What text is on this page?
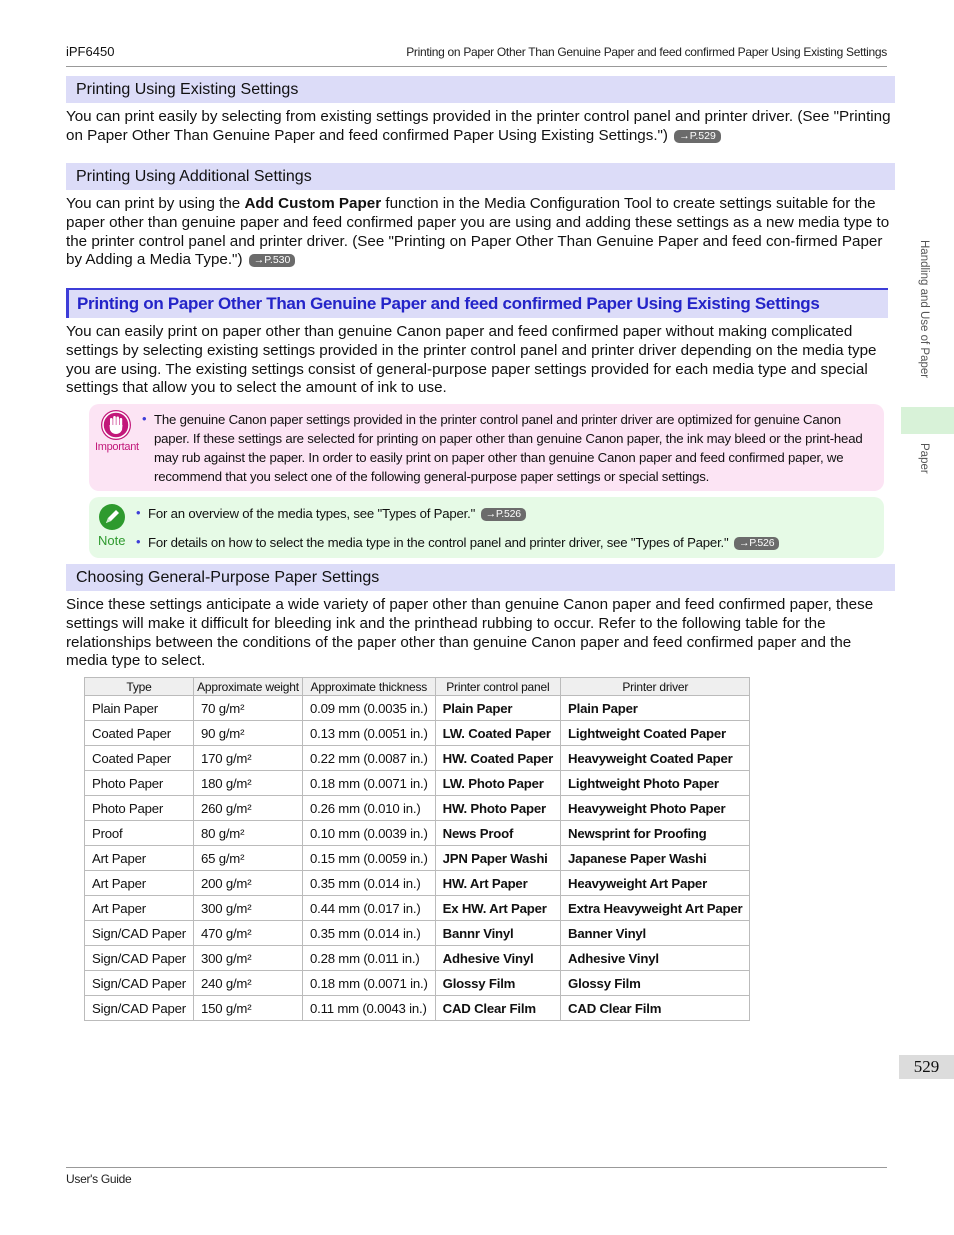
iPF6450	Printing on Paper Other Than Genuine Paper and feed confirmed Paper Using Existing Settings
Printing Using Existing Settings
You can print easily by selecting from existing settings provided in the printer control panel and printer driver. (See "Printing on Paper Other Than Genuine Paper and feed confirmed Paper Using Existing Settings.") →P.529
Printing Using Additional Settings
You can print by using the Add Custom Paper function in the Media Configuration Tool to create settings suitable for the paper other than genuine paper and feed confirmed paper you are using and adding these settings as a new media type to the printer control panel and printer driver. (See "Printing on Paper Other Than Genuine Paper and feed con-firmed Paper by Adding a Media Type.") →P.530
Printing on Paper Other Than Genuine Paper and feed confirmed Paper Using Existing Settings
You can easily print on paper other than genuine Canon paper and feed confirmed paper without making complicated settings by selecting existing settings provided in the printer control panel and printer driver depending on the media type you are using. The existing settings consist of general-purpose paper settings provided for each media type and special settings that allow you to select the amount of ink to use.
Important
• The genuine Canon paper settings provided in the printer control panel and printer driver are optimized for genuine Canon paper. If these settings are selected for printing on paper other than genuine Canon paper, the ink may bleed or the print-head may rub against the paper. In order to easily print on paper other than genuine Canon paper and feed confirmed paper, we recommend that you select one of the following general-purpose paper settings or special settings.
Note
• For an overview of the media types, see "Types of Paper." →P.526
• For details on how to select the media type in the control panel and printer driver, see "Types of Paper." →P.526
Choosing General-Purpose Paper Settings
Since these settings anticipate a wide variety of paper other than genuine Canon paper and feed confirmed paper, these settings will make it difficult for bleeding ink and the printhead rubbing to occur. Refer to the following table for the relationships between the conditions of the paper other than genuine Canon paper and feed confirmed paper and the media type to select.
Type	Approximate weight	Approximate thickness	Printer control panel	Printer driver
Plain Paper	70 g/m²	0.09 mm (0.0035 in.)	Plain Paper	Plain Paper
Coated Paper	90 g/m²	0.13 mm (0.0051 in.)	LW. Coated Paper	Lightweight Coated Paper
Coated Paper	170 g/m²	0.22 mm (0.0087 in.)	HW. Coated Paper	Heavyweight Coated Paper
Photo Paper	180 g/m²	0.18 mm (0.0071 in.)	LW. Photo Paper	Lightweight Photo Paper
Photo Paper	260 g/m²	0.26 mm (0.010 in.)	HW. Photo Paper	Heavyweight Photo Paper
Proof	80 g/m²	0.10 mm (0.0039 in.)	News Proof	Newsprint for Proofing
Art Paper	65 g/m²	0.15 mm (0.0059 in.)	JPN Paper Washi	Japanese Paper Washi
Art Paper	200 g/m²	0.35 mm (0.014 in.)	HW. Art Paper	Heavyweight Art Paper
Art Paper	300 g/m²	0.44 mm (0.017 in.)	Ex HW. Art Paper	Extra Heavyweight Art Paper
Sign/CAD Paper	470 g/m²	0.35 mm (0.014 in.)	Bannr Vinyl	Banner Vinyl
Sign/CAD Paper	300 g/m²	0.28 mm (0.011 in.)	Adhesive Vinyl	Adhesive Vinyl
Sign/CAD Paper	240 g/m²	0.18 mm (0.0071 in.)	Glossy Film	Glossy Film
Sign/CAD Paper	150 g/m²	0.11 mm (0.0043 in.)	CAD Clear Film	CAD Clear Film
Handling and Use of Paper
Paper
529
User's Guide
